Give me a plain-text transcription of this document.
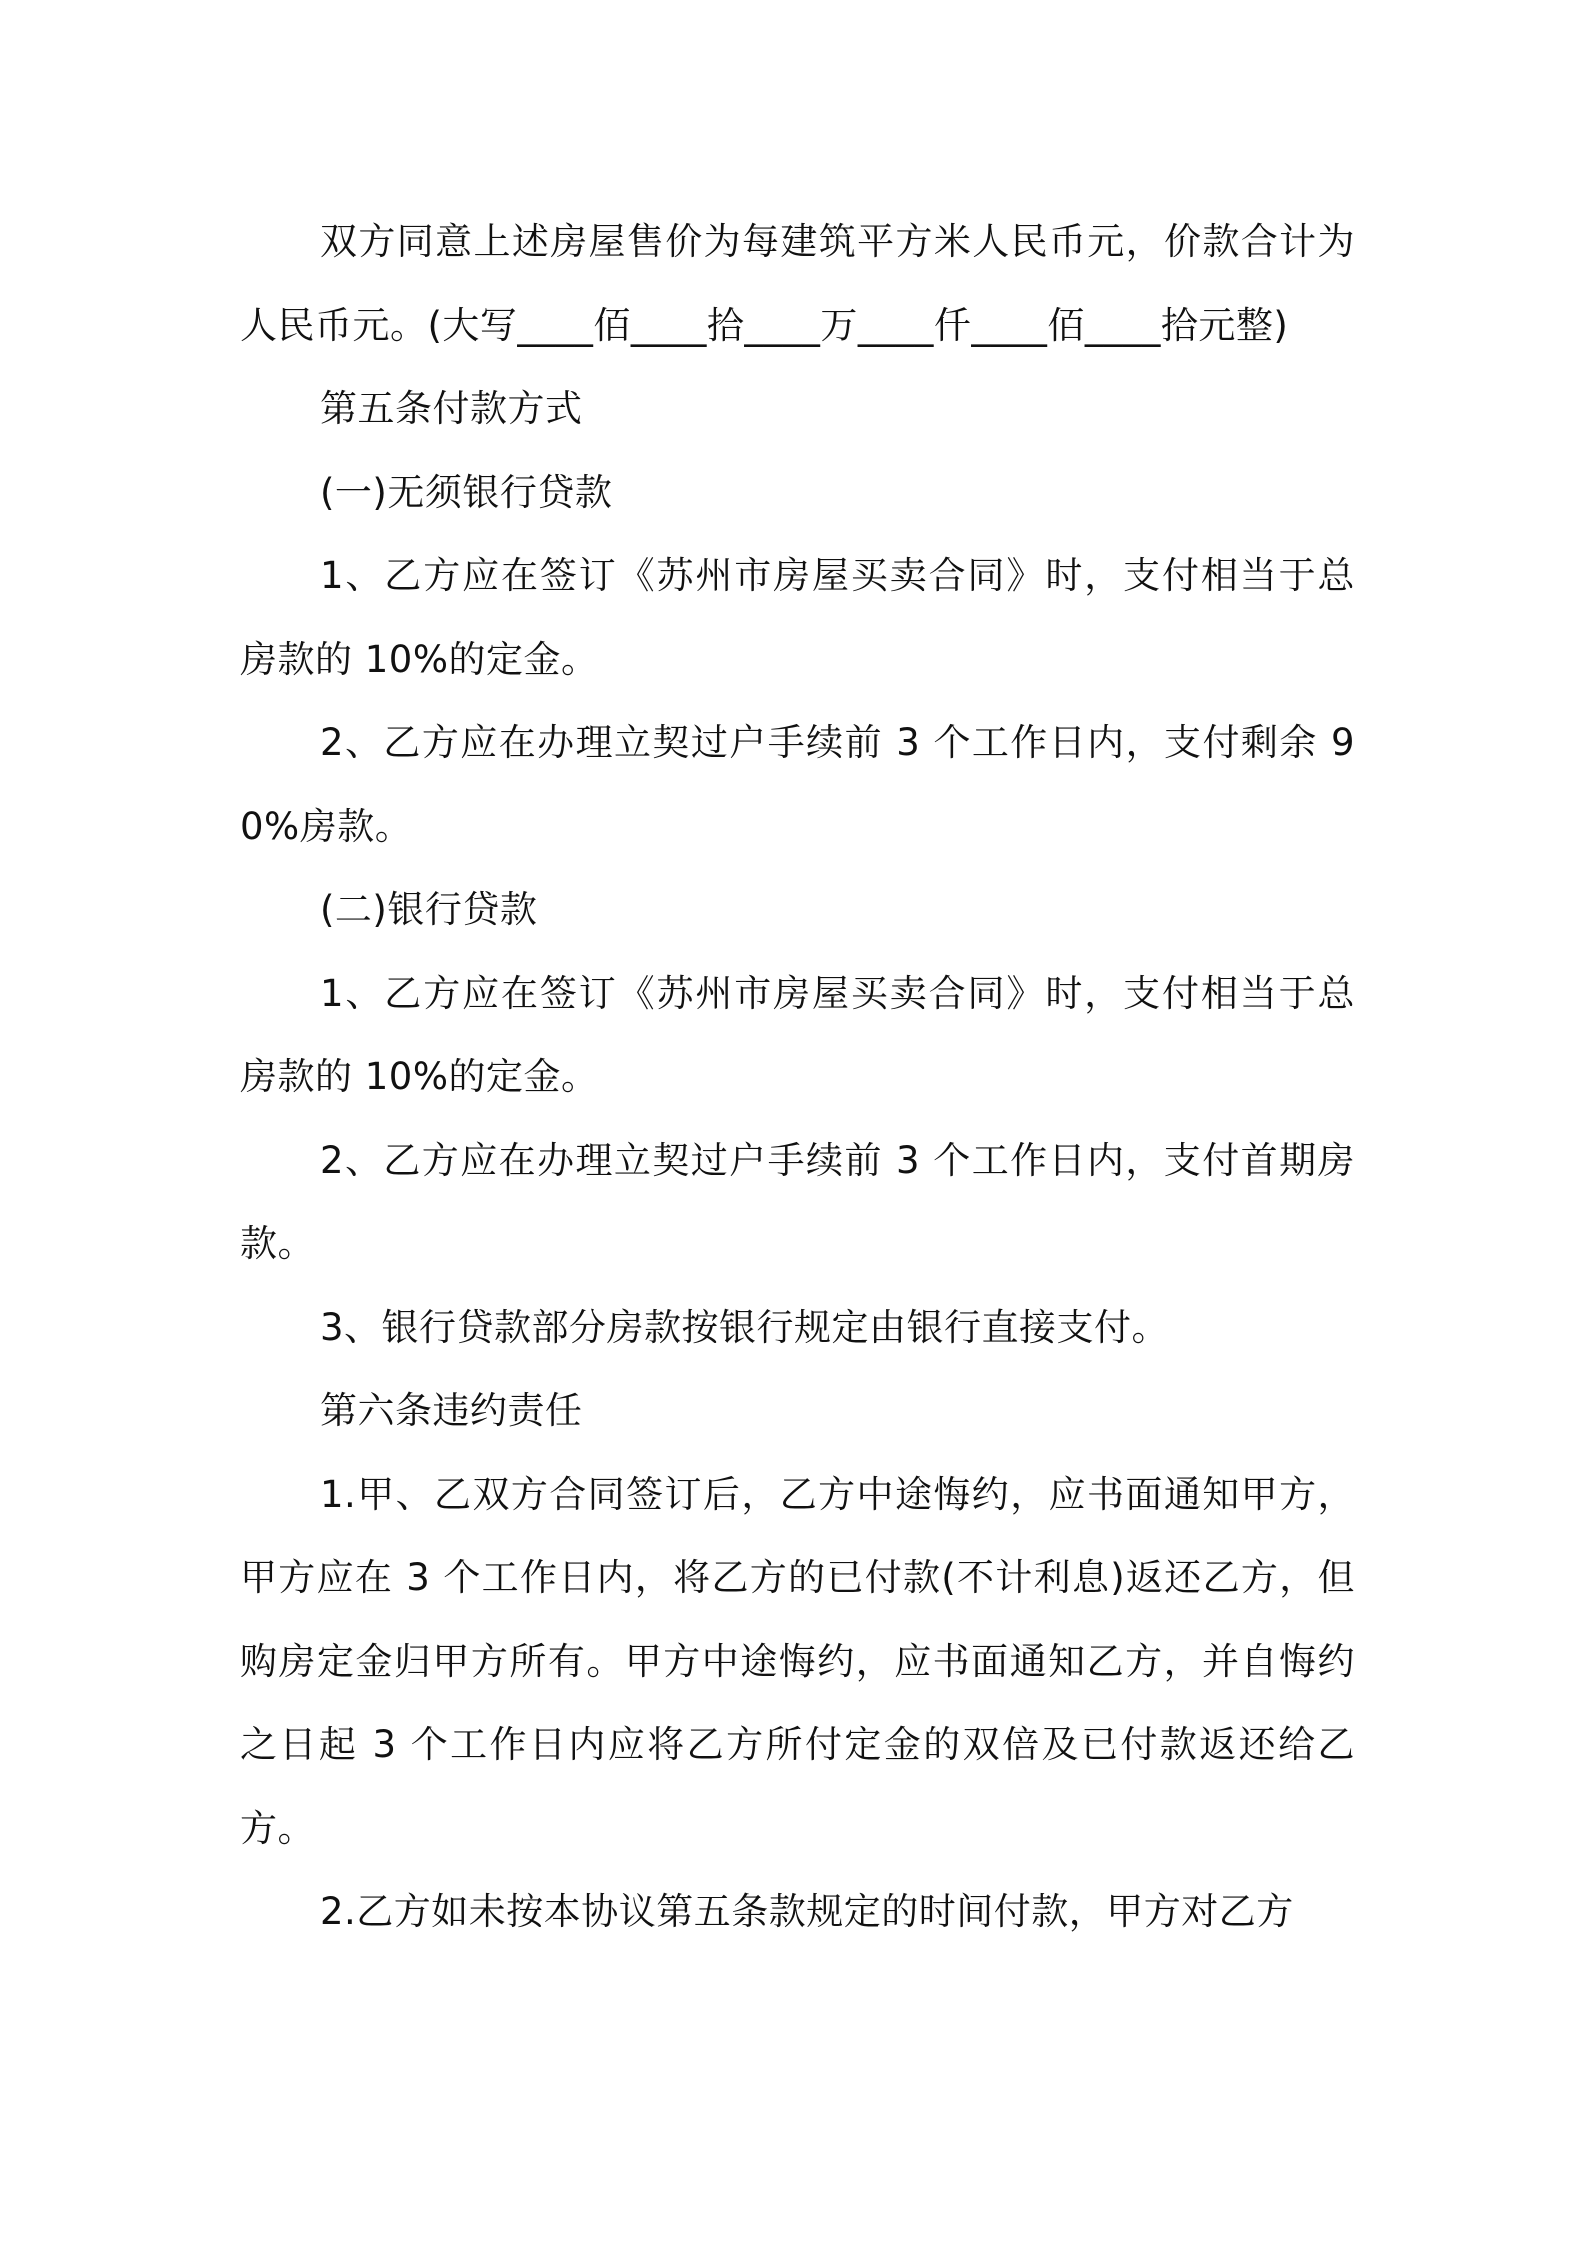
双方同意上述房屋售价为每建筑平方米人民币元，价款合计为人民币元。(大写____佰____拾____万____仟____佰____拾元整)

第五条付款方式

(一)无须银行贷款

1、乙方应在签订《苏州市房屋买卖合同》时，支付相当于总房款的 10%的定金。

2、乙方应在办理立契过户手续前 3 个工作日内，支付剩余 90%房款。

(二)银行贷款

1、乙方应在签订《苏州市房屋买卖合同》时，支付相当于总房款的 10%的定金。

2、乙方应在办理立契过户手续前 3 个工作日内，支付首期房款。

3、银行贷款部分房款按银行规定由银行直接支付。

第六条违约责任

1.甲、乙双方合同签订后，乙方中途悔约，应书面通知甲方，甲方应在 3 个工作日内，将乙方的已付款(不计利息)返还乙方，但购房定金归甲方所有。甲方中途悔约，应书面通知乙方，并自悔约之日起 3 个工作日内应将乙方所付定金的双倍及已付款返还给乙方。

2.乙方如未按本协议第五条款规定的时间付款，甲方对乙方
